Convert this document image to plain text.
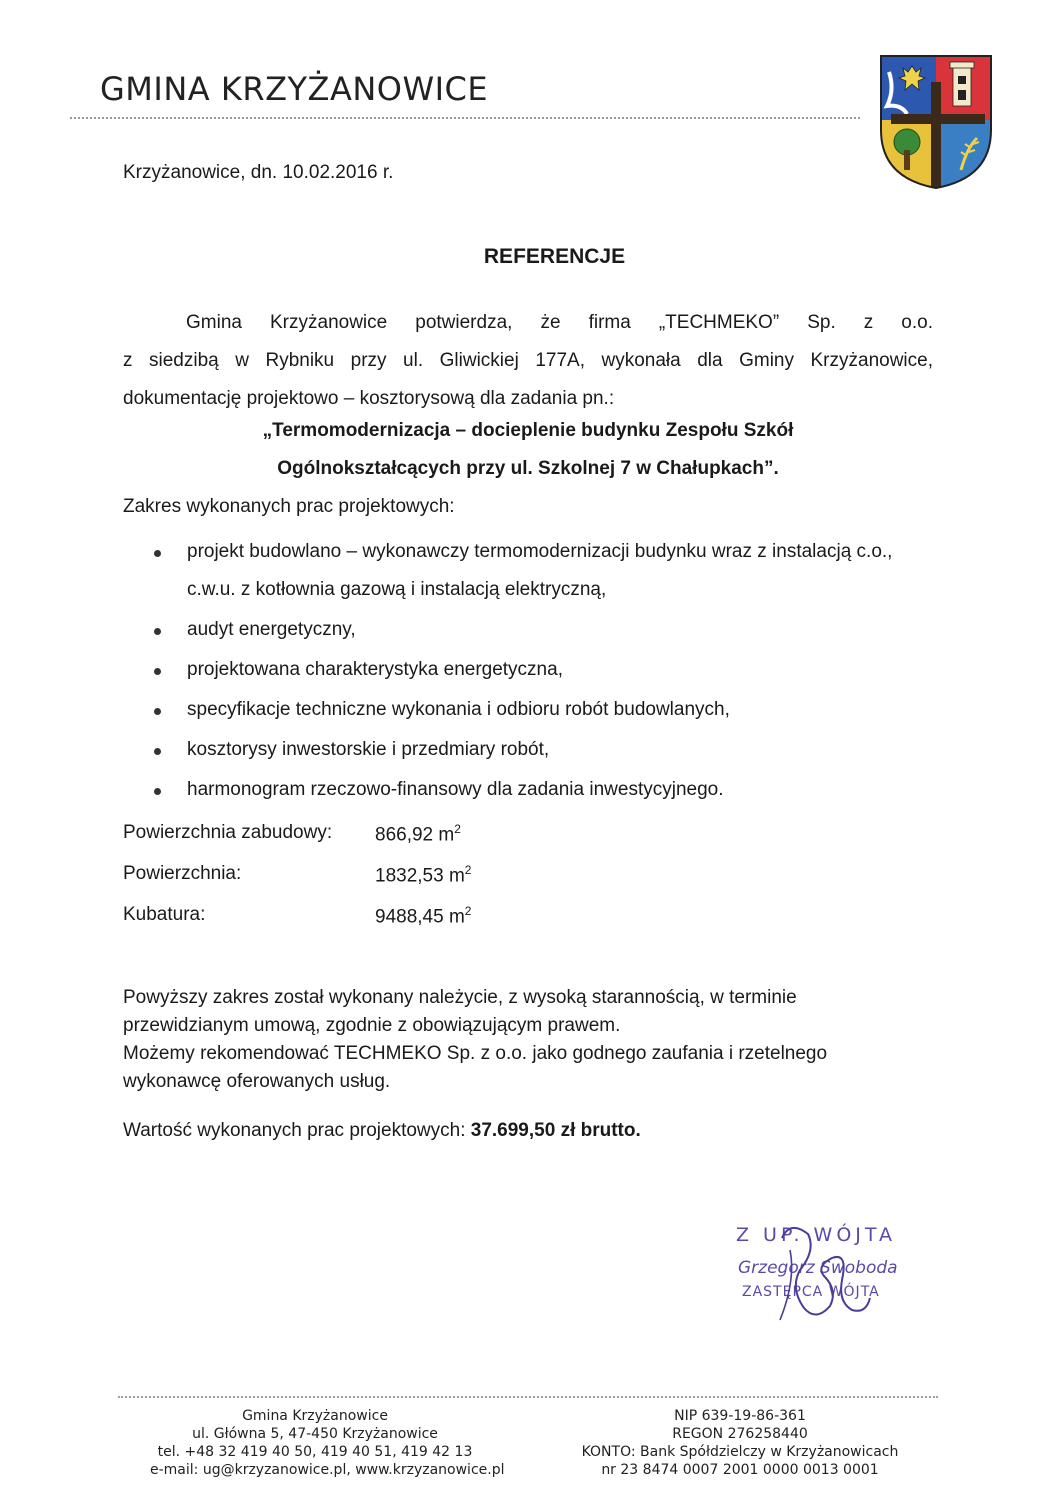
GMINA KRZYŻANOWICE
Krzyżanowice, dn. 10.02.2016 r.
REFERENCJE
Gmina Krzyżanowice potwierdza, że firma „TECHMEKO” Sp. z o.o.
z siedzibą w Rybniku przy ul. Gliwickiej 177A, wykonała dla Gminy Krzyżanowice,
dokumentację projektowo – kosztorysową dla zadania pn.:
„Termomodernizacja – docieplenie budynku Zespołu Szkół
Ogólnokształcących przy ul. Szkolnej 7 w Chałupkach”.
Zakres wykonanych prac projektowych:
projekt budowlano – wykonawczy termomodernizacji budynku wraz z instalacją c.o., c.w.u. z kotłownia gazową i instalacją elektryczną,
audyt energetyczny,
projektowana charakterystyka energetyczna,
specyfikacje techniczne wykonania i odbioru robót budowlanych,
kosztorysy inwestorskie i przedmiary robót,
harmonogram rzeczowo-finansowy dla zadania inwestycyjnego.
Powierzchnia zabudowy: 866,92 $m^2$
Powierzchnia:	1832,53 $m^2$
Kubatura:	9488,45 $m^2$
Powyższy zakres został wykonany należycie, z wysoką starannością, w terminie
przewidzianym umową, zgodnie z obowiązującym prawem.
Możemy rekomendować TECHMEKO Sp. z o.o. jako godnego zaufania i rzetelnego
wykonawcę oferowanych usług.
Wartość wykonanych prac projektowych: 37.699,50 zł brutto.
Z UP. WÓJTA
Grzegorz Swoboda
ZASTĘPCA WÓJTA
Gmina Krzyżanowice
ul. Główna 5, 47-450 Krzyżanowice
tel. +48 32 419 40 50, 419 40 51, 419 42 13
e-mail: ug@krzyzanowice.pl, www.krzyzanowice.pl
NIP 639-19-86-361
REGON 276258440
KONTO: Bank Spółdzielczy w Krzyżanowicach
nr 23 8474 0007 2001 0000 0013 0001
